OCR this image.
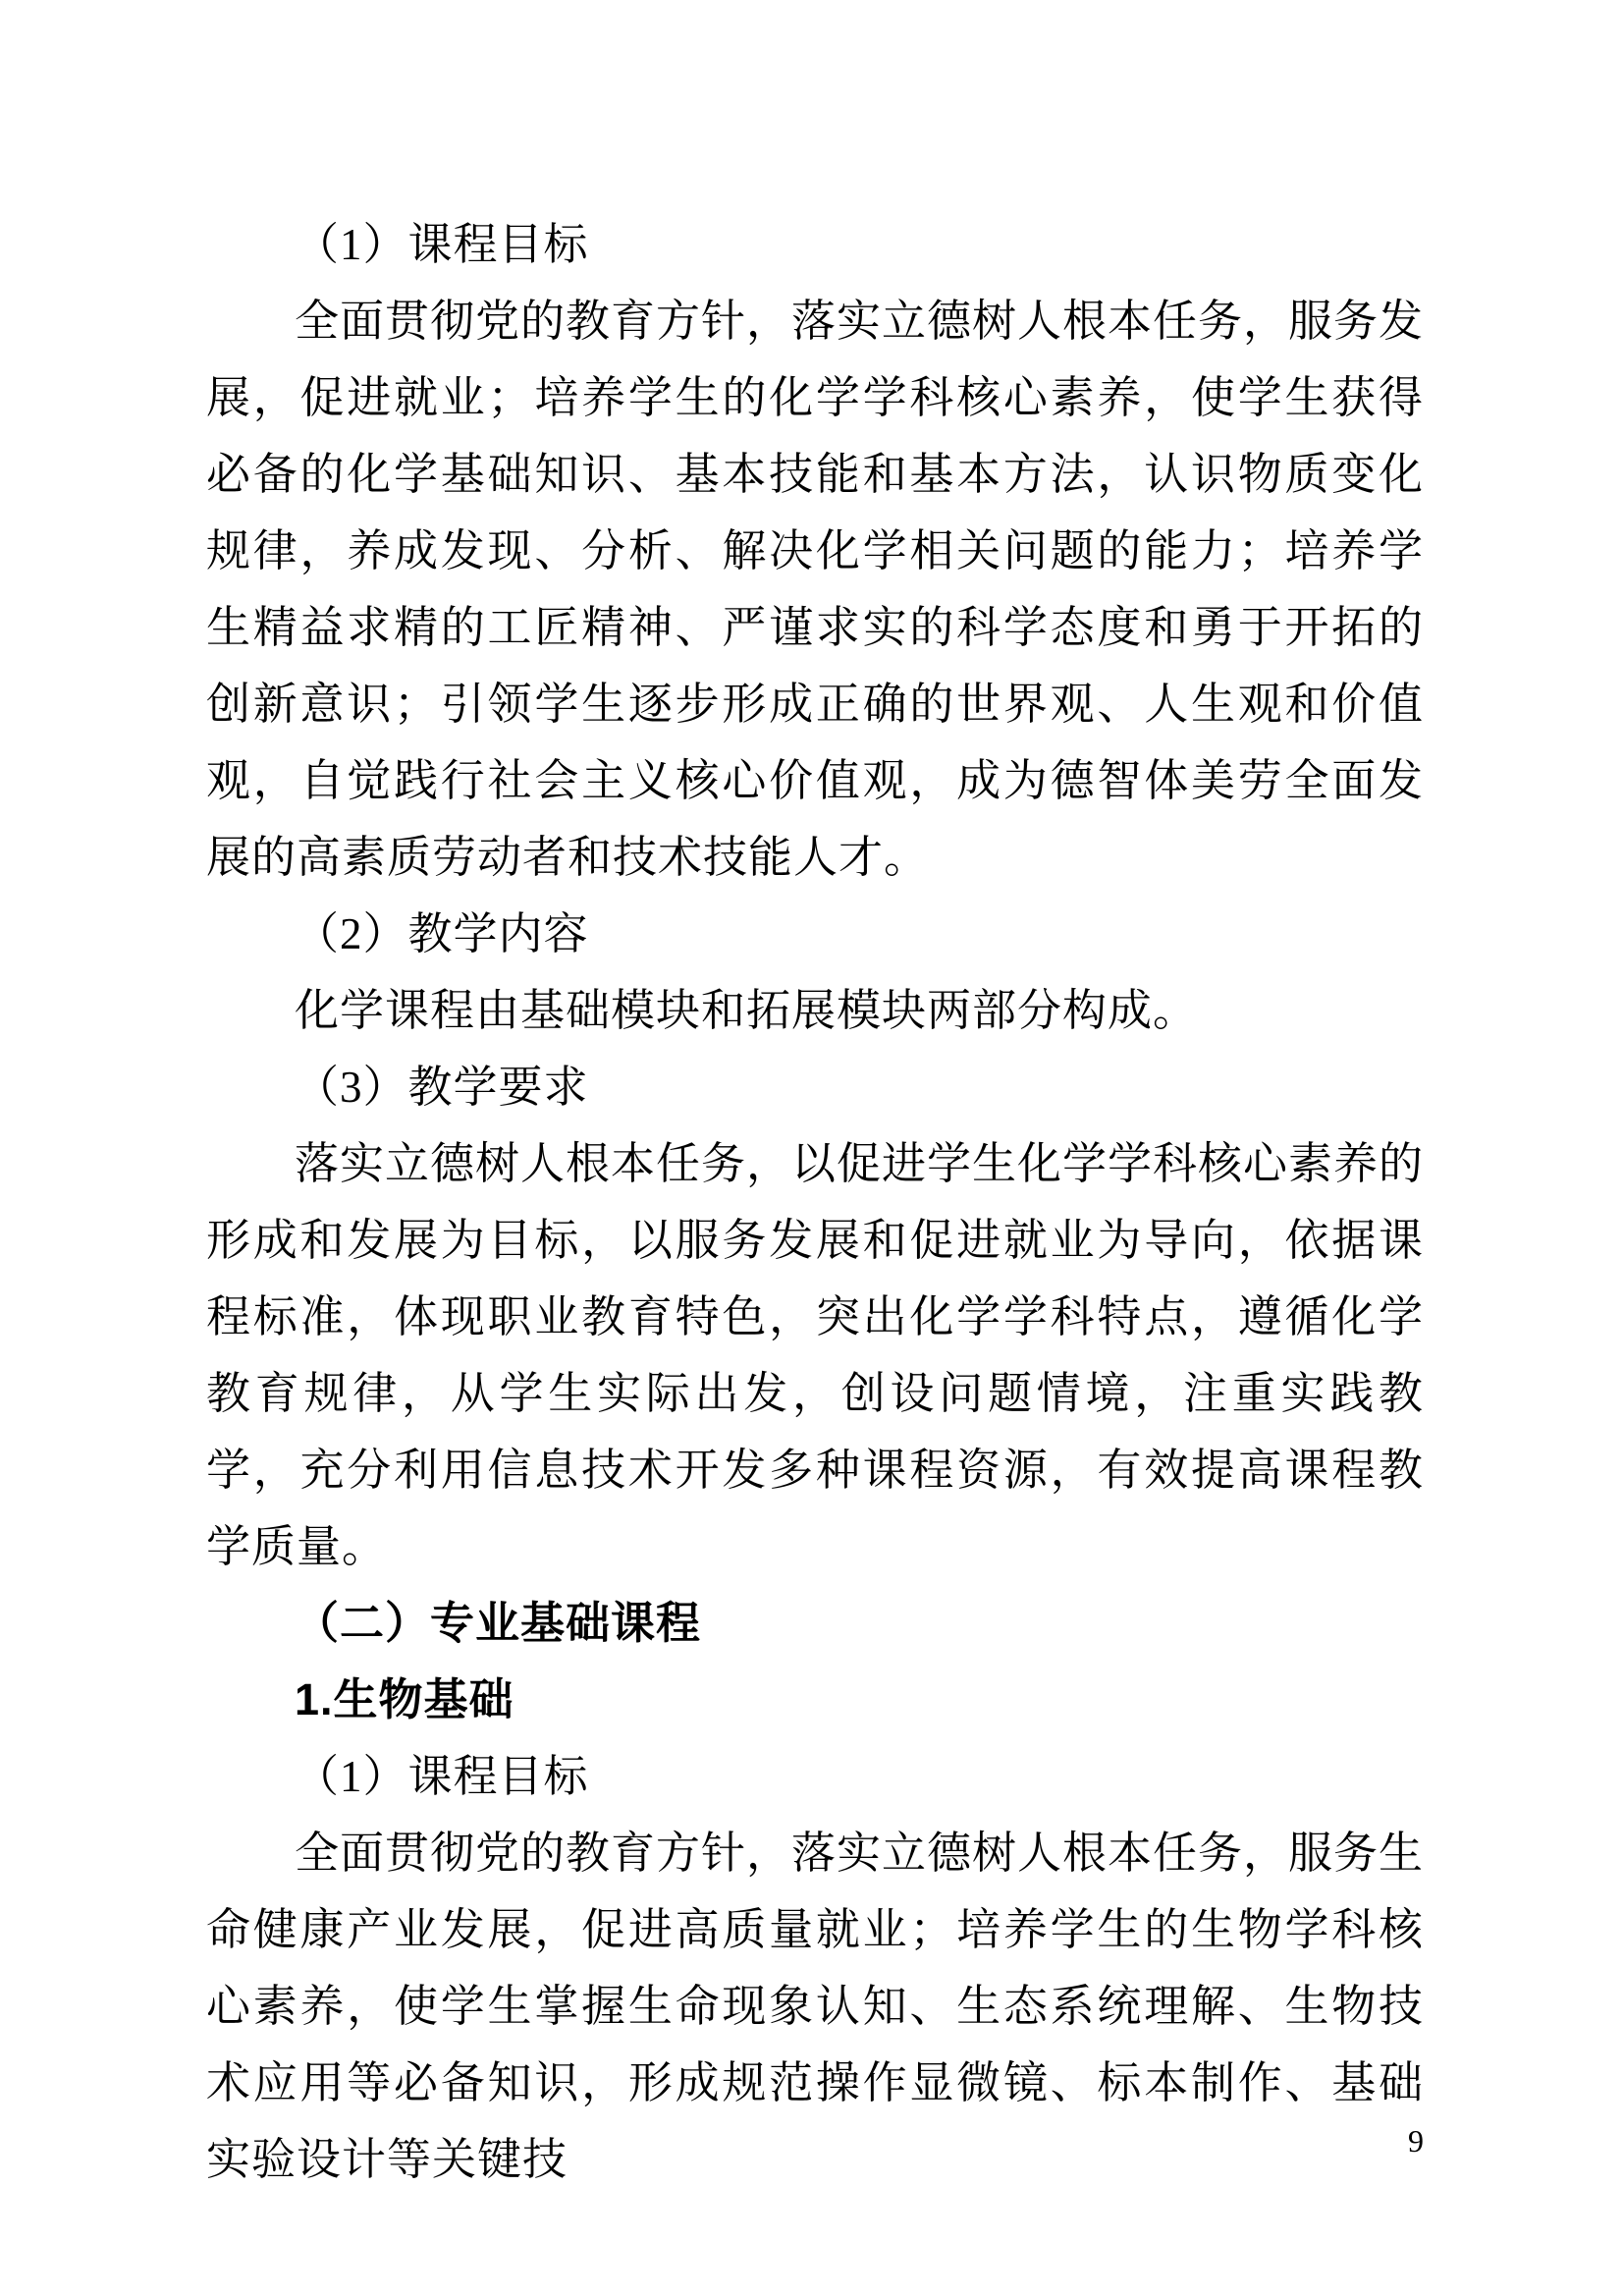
（1）课程目标

全面贯彻党的教育方针，落实立德树人根本任务，服务发展，促进就业；培养学生的化学学科核心素养，使学生获得必备的化学基础知识、基本技能和基本方法，认识物质变化规律，养成发现、分析、解决化学相关问题的能力；培养学生精益求精的工匠精神、严谨求实的科学态度和勇于开拓的创新意识；引领学生逐步形成正确的世界观、人生观和价值观，自觉践行社会主义核心价值观，成为德智体美劳全面发展的高素质劳动者和技术技能人才。

（2）教学内容

化学课程由基础模块和拓展模块两部分构成。

（3）教学要求

落实立德树人根本任务，以促进学生化学学科核心素养的形成和发展为目标，以服务发展和促进就业为导向，依据课程标准，体现职业教育特色，突出化学学科特点，遵循化学教育规律，从学生实际出发，创设问题情境，注重实践教学，充分利用信息技术开发多种课程资源，有效提高课程教学质量。

（二）专业基础课程

1.生物基础

（1）课程目标

全面贯彻党的教育方针，落实立德树人根本任务，服务生命健康产业发展，促进高质量就业；培养学生的生物学科核心素养，使学生掌握生命现象认知、生态系统理解、生物技术应用等必备知识，形成规范操作显微镜、标本制作、基础实验设计等关键技	9
